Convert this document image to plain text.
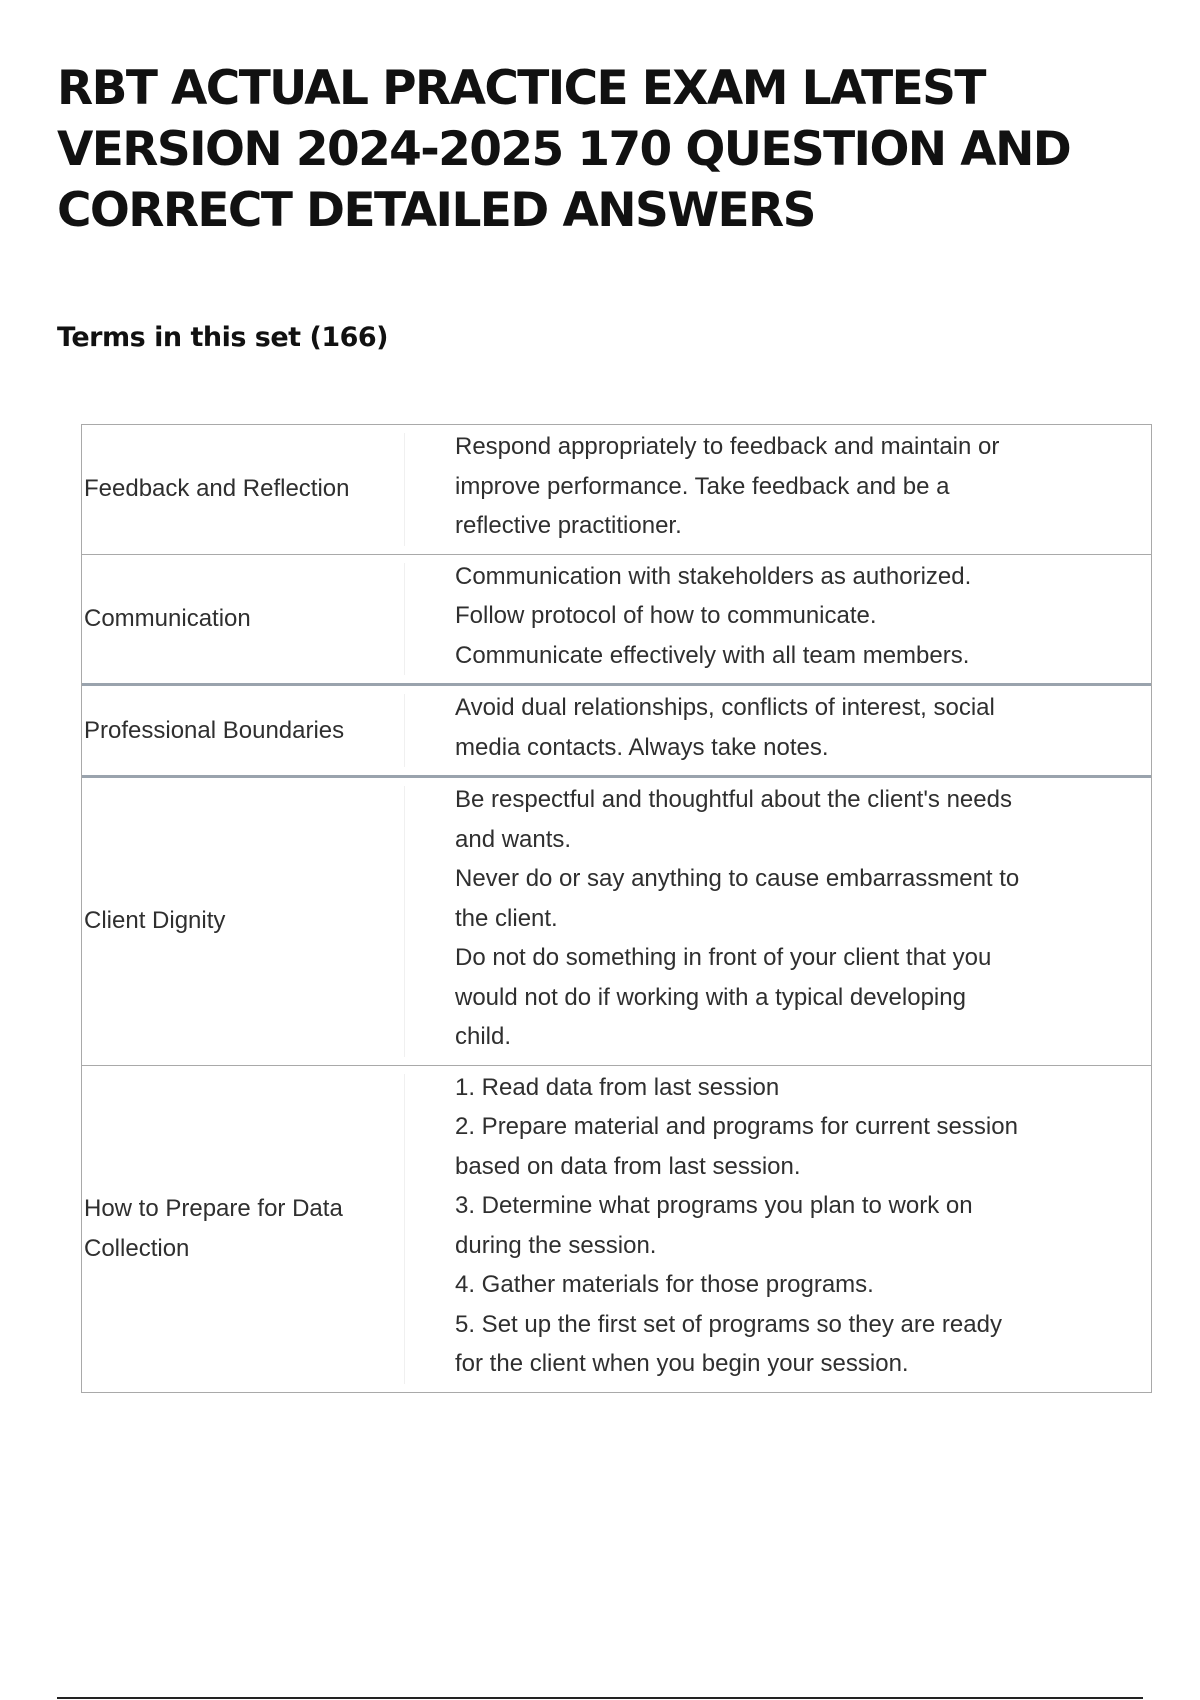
RBT ACTUAL PRACTICE EXAM LATEST VERSION 2024-2025 170 QUESTION AND CORRECT DETAILED ANSWERS
Terms in this set (166)
Feedback and Reflection
Respond appropriately to feedback and maintain or
improve performance. Take feedback and be a
reflective practitioner.
Communication
Communication with stakeholders as authorized.
Follow protocol of how to communicate.
Communicate effectively with all team members.
Professional Boundaries
Avoid dual relationships, conflicts of interest, social
media contacts. Always take notes.
Client Dignity
Be respectful and thoughtful about the client's needs
and wants.
Never do or say anything to cause embarrassment to
the client.
Do not do something in front of your client that you
would not do if working with a typical developing
child.
How to Prepare for Data Collection
1. Read data from last session
2. Prepare material and programs for current session
based on data from last session.
3. Determine what programs you plan to work on
during the session.
4. Gather materials for those programs.
5. Set up the first set of programs so they are ready
for the client when you begin your session.
